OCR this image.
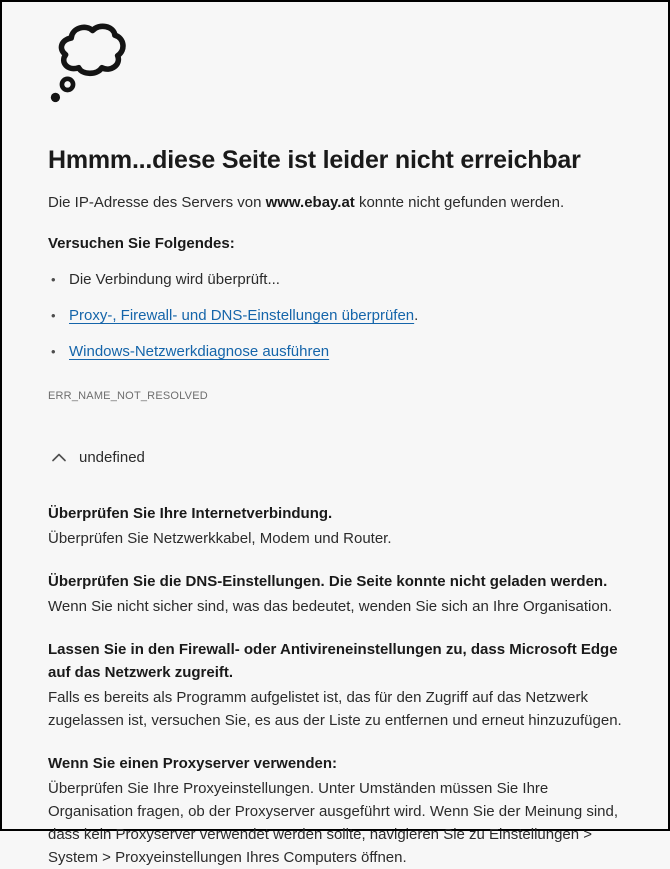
Hmmm...diese Seite ist leider nicht erreichbar

Die IP-Adresse des Servers von www.ebay.at konnte nicht gefunden werden.

Versuchen Sie Folgendes:
• Die Verbindung wird überprüft...
• Proxy-, Firewall- und DNS-Einstellungen überprüfen.
• Windows-Netzwerkdiagnose ausführen
ERR_NAME_NOT_RESOLVED
undefined
Überprüfen Sie Ihre Internetverbindung.

Überprüfen Sie Netzwerkkabel, Modem und Router.

Überprüfen Sie die DNS-Einstellungen. Die Seite konnte nicht geladen werden.

Wenn Sie nicht sicher sind, was das bedeutet, wenden Sie sich an Ihre Organisation.

Lassen Sie in den Firewall- oder Antivireneinstellungen zu, dass Microsoft Edge auf das Netzwerk zugreift.

Falls es bereits als Programm aufgelistet ist, das für den Zugriff auf das Netzwerk zugelassen ist, versuchen Sie, es aus der Liste zu entfernen und erneut hinzuzufügen.

Wenn Sie einen Proxyserver verwenden:

Überprüfen Sie Ihre Proxyeinstellungen. Unter Umständen müssen Sie Ihre Organisation fragen, ob der Proxyserver ausgeführt wird. Wenn Sie der Meinung sind, dass kein Proxyserver verwendet werden sollte, navigieren Sie zu Einstellungen > System > Proxyeinstellungen Ihres Computers öffnen.
